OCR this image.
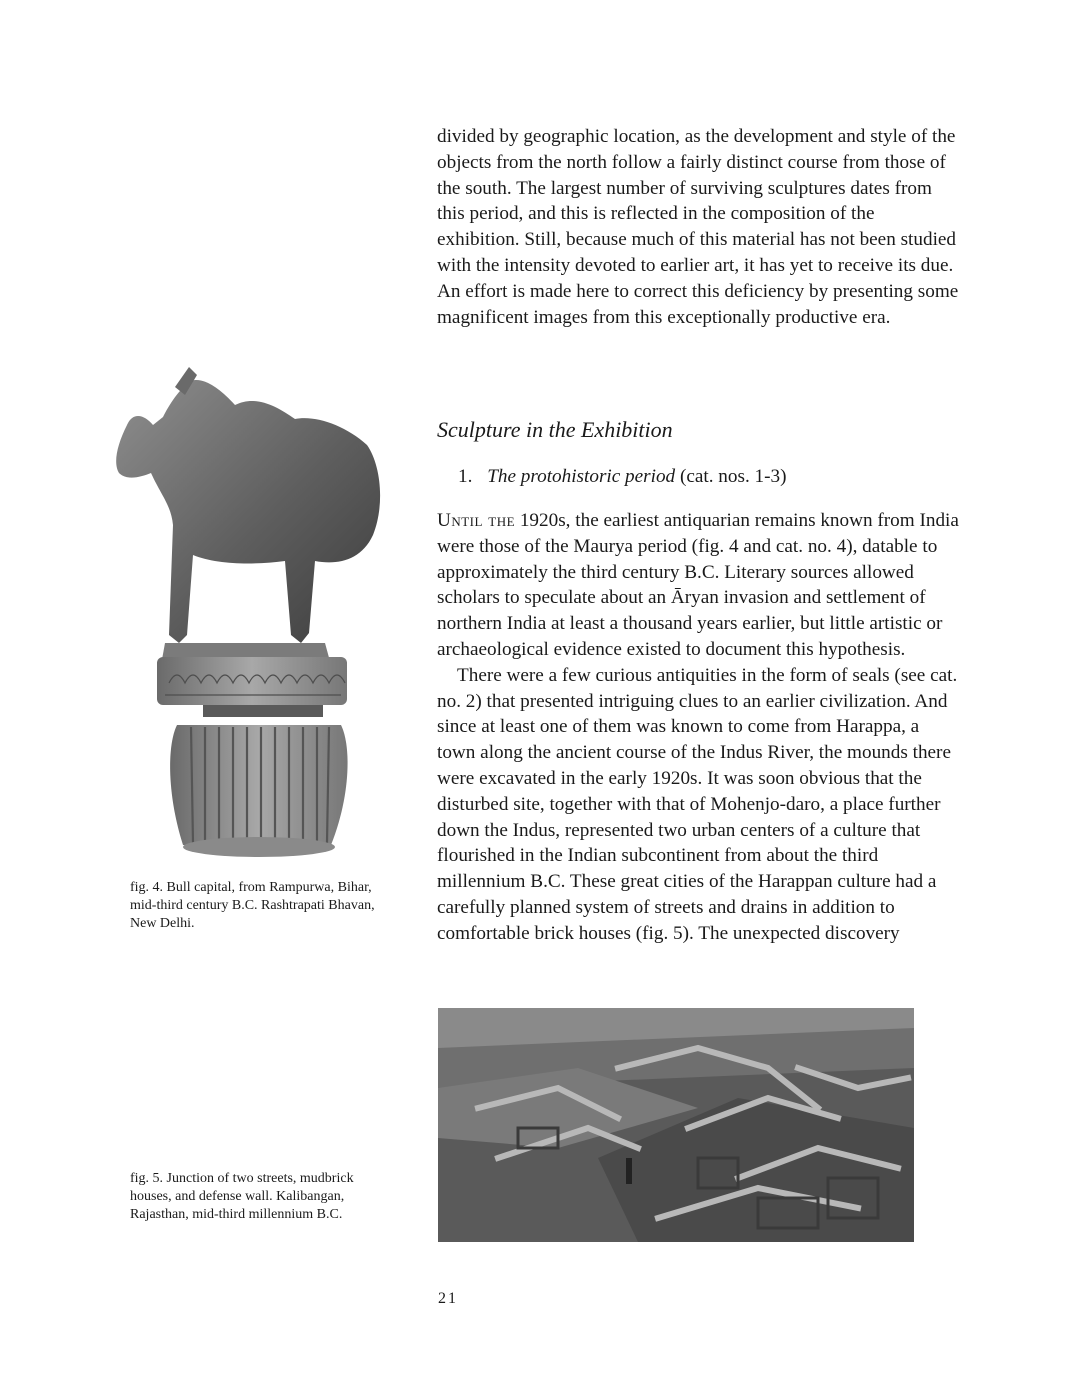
divided by geographic location, as the development and style of the objects from the north follow a fairly distinct course from those of the south. The largest number of surviving sculptures dates from this period, and this is reflected in the composition of the exhibition. Still, because much of this material has not been studied with the intensity devoted to earlier art, it has yet to receive its due. An effort is made here to correct this deficiency by presenting some magnificent images from this exceptionally productive era.

fig. 4. Bull capital, from Rampurwa, Bihar, mid-third century B.C. Rashtrapati Bhavan, New Delhi.

Sculpture in the Exhibition

1. The protohistoric period (cat. nos. 1-3)

Until the 1920s, the earliest antiquarian remains known from India were those of the Maurya period (fig. 4 and cat. no. 4), datable to approximately the third century B.C. Literary sources allowed scholars to speculate about an Āryan invasion and settlement of northern India at least a thousand years earlier, but little artistic or archaeological evidence existed to document this hypothesis.

There were a few curious antiquities in the form of seals (see cat. no. 2) that presented intriguing clues to an earlier civilization. And since at least one of them was known to come from Harappa, a town along the ancient course of the Indus River, the mounds there were excavated in the early 1920s. It was soon obvious that the disturbed site, together with that of Mohenjo-daro, a place further down the Indus, represented two urban centers of a culture that flourished in the Indian subcontinent from about the third millennium B.C. These great cities of the Harappan culture had a carefully planned system of streets and drains in addition to comfortable brick houses (fig. 5). The unexpected discovery

fig. 5. Junction of two streets, mudbrick houses, and defense wall. Kalibangan, Rajasthan, mid-third millennium B.C.

21
